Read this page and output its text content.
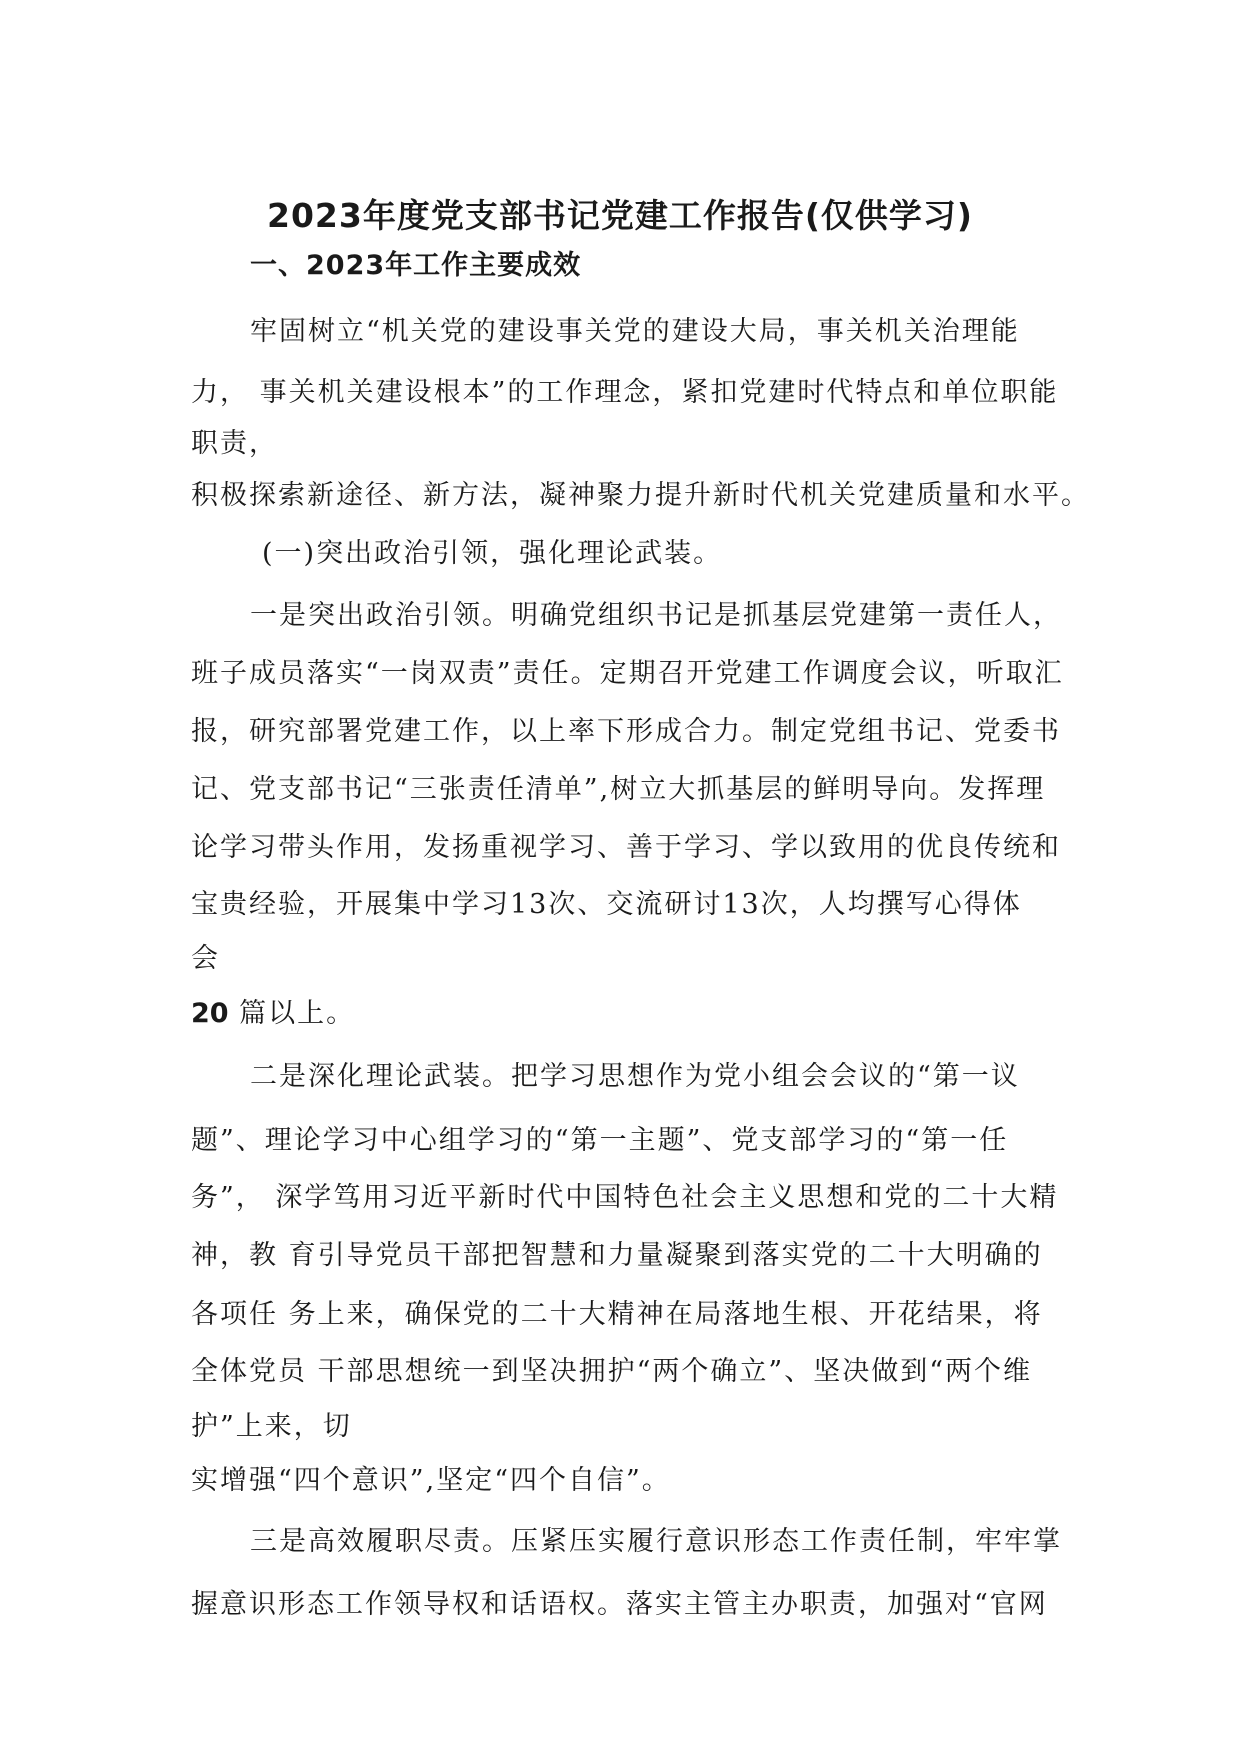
2023年度党支部书记党建工作报告(仅供学习)
一、2023年工作主要成效
牢固树立“机关党的建设事关党的建设大局，事关机关治理能
力， 事关机关建设根本”的工作理念，紧扣党建时代特点和单位职能
职责，
积极探索新途径、新方法，凝神聚力提升新时代机关党建质量和水平。
(一)突出政治引领，强化理论武装。
一是突出政治引领。明确党组织书记是抓基层党建第一责任人，
班子成员落实“一岗双责”责任。定期召开党建工作调度会议，听取汇
报，研究部署党建工作，以上率下形成合力。制定党组书记、党委书
记、党支部书记“三张责任清单”,树立大抓基层的鲜明导向。发挥理
论学习带头作用，发扬重视学习、善于学习、学以致用的优良传统和
宝贵经验，开展集中学习13次、交流研讨13次，人均撰写心得体
会
20 篇以上。
二是深化理论武装。把学习思想作为党小组会会议的“第一议
题”、理论学习中心组学习的“第一主题”、党支部学习的“第一任
务”， 深学笃用习近平新时代中国特色社会主义思想和党的二十大精
神，教 育引导党员干部把智慧和力量凝聚到落实党的二十大明确的
各项任 务上来，确保党的二十大精神在局落地生根、开花结果，将
全体党员 干部思想统一到坚决拥护“两个确立”、坚决做到“两个维
护”上来，切
实增强“四个意识”,坚定“四个自信”。
三是高效履职尽责。压紧压实履行意识形态工作责任制，牢牢掌
握意识形态工作领导权和话语权。落实主管主办职责，加强对“官网
